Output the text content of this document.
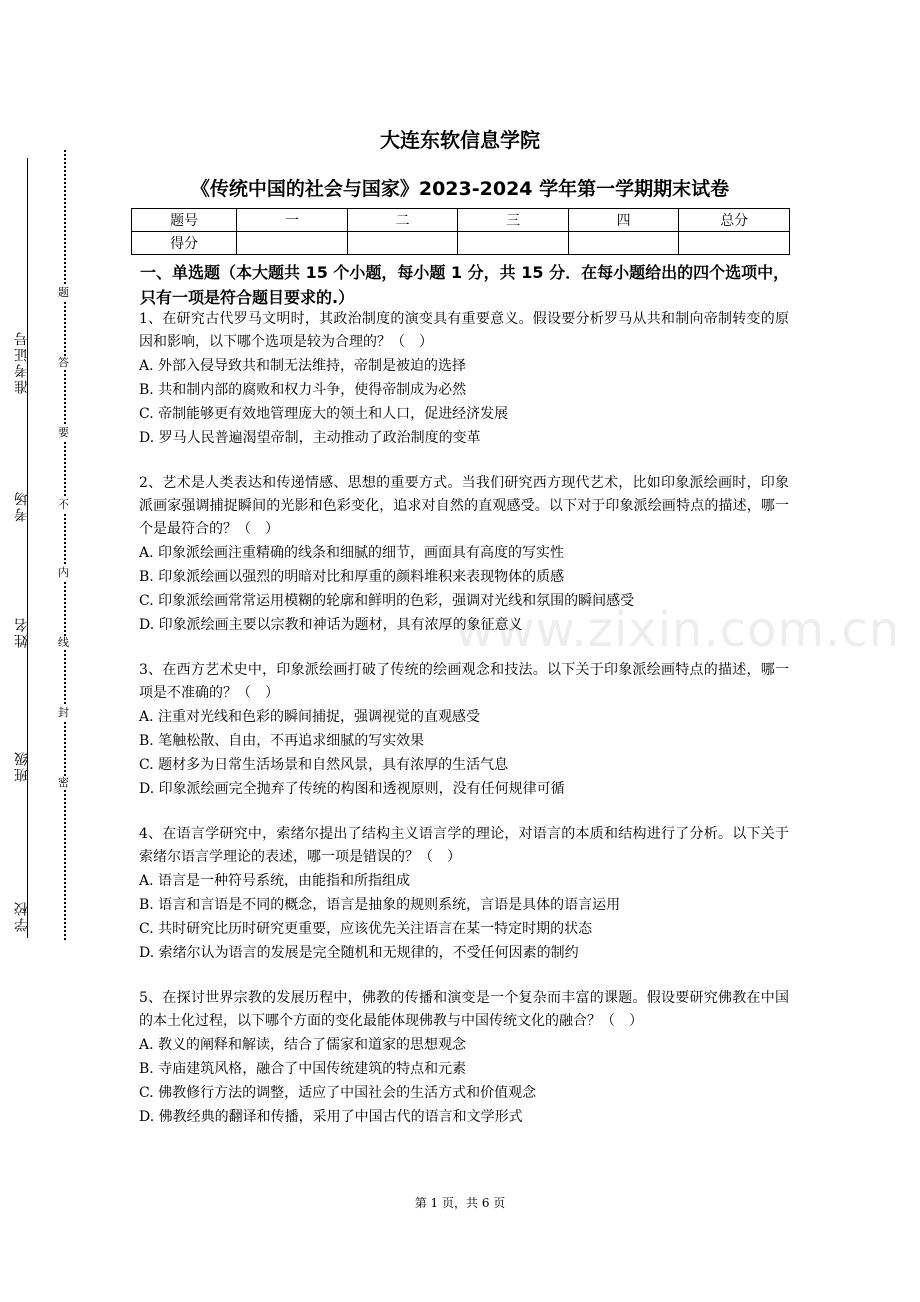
题
答
要
不
内
线
封
密
准考证号
考场
姓名
班级
学校
大连东软信息学院
《传统中国的社会与国家》2023-2024 学年第一学期期末试卷
题号	一	二	三	四	总分
得分					
一、单选题（本大题共 15 个小题，每小题 1 分，共 15 分．在每小题给出的四个选项中，只有一项是符合题目要求的.）
1、在研究古代罗马文明时，其政治制度的演变具有重要意义。假设要分析罗马从共和制向帝制转变的原因和影响，以下哪个选项是较为合理的？（　）
A. 外部入侵导致共和制无法维持，帝制是被迫的选择
B. 共和制内部的腐败和权力斗争，使得帝制成为必然
C. 帝制能够更有效地管理庞大的领土和人口，促进经济发展
D. 罗马人民普遍渴望帝制，主动推动了政治制度的变革
2、艺术是人类表达和传递情感、思想的重要方式。当我们研究西方现代艺术，比如印象派绘画时，印象派画家强调捕捉瞬间的光影和色彩变化，追求对自然的直观感受。以下对于印象派绘画特点的描述，哪一个是最符合的？（　）
A. 印象派绘画注重精确的线条和细腻的细节，画面具有高度的写实性
B. 印象派绘画以强烈的明暗对比和厚重的颜料堆积来表现物体的质感
C. 印象派绘画常常运用模糊的轮廓和鲜明的色彩，强调对光线和氛围的瞬间感受
D. 印象派绘画主要以宗教和神话为题材，具有浓厚的象征意义
3、在西方艺术史中，印象派绘画打破了传统的绘画观念和技法。以下关于印象派绘画特点的描述，哪一项是不准确的？（　）
A. 注重对光线和色彩的瞬间捕捉，强调视觉的直观感受
B. 笔触松散、自由，不再追求细腻的写实效果
C. 题材多为日常生活场景和自然风景，具有浓厚的生活气息
D. 印象派绘画完全抛弃了传统的构图和透视原则，没有任何规律可循
4、在语言学研究中，索绪尔提出了结构主义语言学的理论，对语言的本质和结构进行了分析。以下关于索绪尔语言学理论的表述，哪一项是错误的？（　）
A. 语言是一种符号系统，由能指和所指组成
B. 语言和言语是不同的概念，语言是抽象的规则系统，言语是具体的语言运用
C. 共时研究比历时研究更重要，应该优先关注语言在某一特定时期的状态
D. 索绪尔认为语言的发展是完全随机和无规律的，不受任何因素的制约
5、在探讨世界宗教的发展历程中，佛教的传播和演变是一个复杂而丰富的课题。假设要研究佛教在中国的本土化过程，以下哪个方面的变化最能体现佛教与中国传统文化的融合？（　）
A. 教义的阐释和解读，结合了儒家和道家的思想观念
B. 寺庙建筑风格，融合了中国传统建筑的特点和元素
C. 佛教修行方法的调整，适应了中国社会的生活方式和价值观念
D. 佛教经典的翻译和传播，采用了中国古代的语言和文学形式
www.zixin.com.cn
第 1 页，共 6 页
